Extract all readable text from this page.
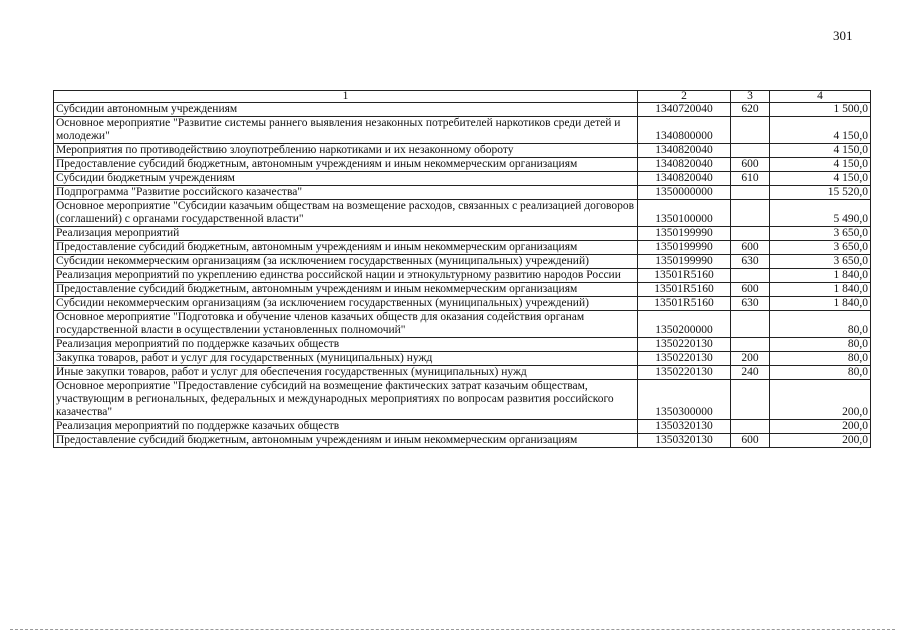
301
1	2	3	4
Субсидии автономным учреждениям	1340720040	620	1 500,0
Основное мероприятие "Развитие системы раннего выявления незаконных потребителей наркотиков среди детей и молодежи"	1340800000		4 150,0
Мероприятия по противодействию злоупотреблению наркотиками и их незаконному обороту	1340820040		4 150,0
Предоставление субсидий бюджетным, автономным учреждениям и иным некоммерческим организациям	1340820040	600	4 150,0
Субсидии бюджетным учреждениям	1340820040	610	4 150,0
Подпрограмма "Развитие российского казачества"	1350000000		15 520,0
Основное мероприятие "Субсидии казачьим обществам на возмещение расходов, связанных с реализацией договоров (соглашений) с органами государственной власти"	1350100000		5 490,0
Реализация мероприятий	1350199990		3 650,0
Предоставление субсидий бюджетным, автономным учреждениям и иным некоммерческим организациям	1350199990	600	3 650,0
Субсидии некоммерческим организациям (за исключением государственных (муниципальных) учреждений)	1350199990	630	3 650,0
Реализация мероприятий по укреплению единства российской нации и этнокультурному развитию народов России	13501R5160		1 840,0
Предоставление субсидий бюджетным, автономным учреждениям и иным некоммерческим организациям	13501R5160	600	1 840,0
Субсидии некоммерческим организациям (за исключением государственных (муниципальных) учреждений)	13501R5160	630	1 840,0
Основное мероприятие "Подготовка и обучение членов казачьих обществ для оказания содействия органам государственной власти в осуществлении установленных полномочий"	1350200000		80,0
Реализация мероприятий по поддержке казачьих обществ	1350220130		80,0
Закупка товаров, работ и услуг для государственных (муниципальных) нужд	1350220130	200	80,0
Иные закупки товаров, работ и услуг для обеспечения государственных (муниципальных) нужд	1350220130	240	80,0
Основное мероприятие "Предоставление субсидий на возмещение фактических затрат казачьим обществам, участвующим в региональных, федеральных и международных мероприятиях по вопросам развития российского казачества"	1350300000		200,0
Реализация мероприятий по поддержке казачьих обществ	1350320130		200,0
Предоставление субсидий бюджетным, автономным учреждениям и иным некоммерческим организациям	1350320130	600	200,0
